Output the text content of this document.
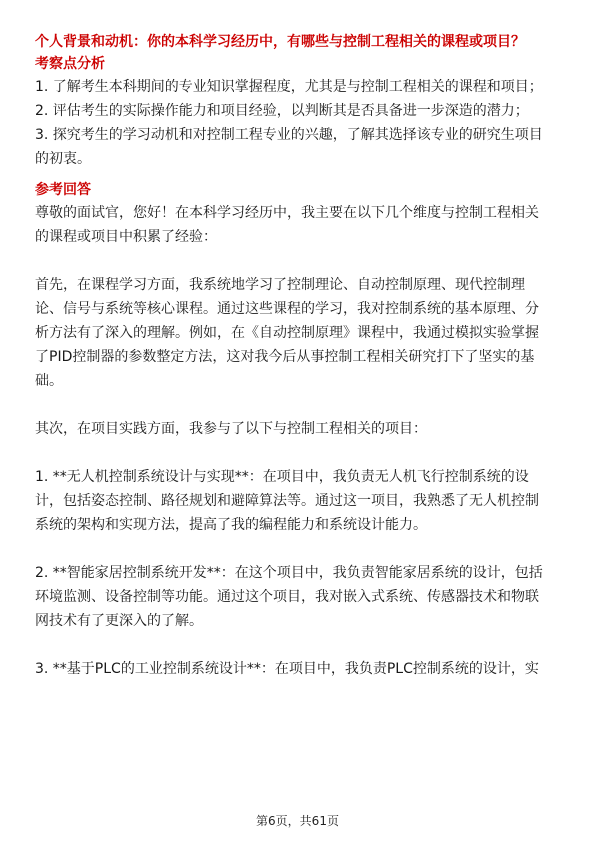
个人背景和动机：你的本科学习经历中，有哪些与控制工程相关的课程或项目？

考察点分析

1. 了解考生本科期间的专业知识掌握程度，尤其是与控制工程相关的课程和项目；

2. 评估考生的实际操作能力和项目经验，以判断其是否具备进一步深造的潜力；

3. 探究考生的学习动机和对控制工程专业的兴趣，了解其选择该专业的研究生项目

的初衷。

参考回答

尊敬的面试官，您好！在本科学习经历中，我主要在以下几个维度与控制工程相关

的课程或项目中积累了经验：

首先，在课程学习方面，我系统地学习了控制理论、自动控制原理、现代控制理

论、信号与系统等核心课程。通过这些课程的学习，我对控制系统的基本原理、分

析方法有了深入的理解。例如，在《自动控制原理》课程中，我通过模拟实验掌握

了PID控制器的参数整定方法，这对我今后从事控制工程相关研究打下了坚实的基

础。

其次，在项目实践方面，我参与了以下与控制工程相关的项目：

1. **无人机控制系统设计与实现**：在项目中，我负责无人机飞行控制系统的设

计，包括姿态控制、路径规划和避障算法等。通过这一项目，我熟悉了无人机控制

系统的架构和实现方法，提高了我的编程能力和系统设计能力。

2. **智能家居控制系统开发**：在这个项目中，我负责智能家居系统的设计，包括

环境监测、设备控制等功能。通过这个项目，我对嵌入式系统、传感器技术和物联

网技术有了更深入的了解。

3. **基于PLC的工业控制系统设计**：在项目中，我负责PLC控制系统的设计，实

第6页，共61页
